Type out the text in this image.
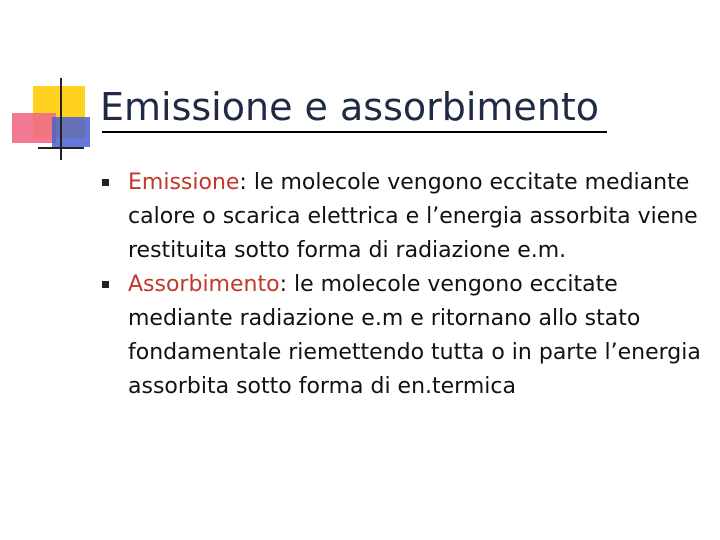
Emissione e assorbimento
Emissione: le molecole vengono eccitate mediante calore o scarica elettrica e l’energia assorbita viene restituita sotto forma di radiazione e.m.
Assorbimento: le molecole vengono eccitate mediante radiazione e.m e ritornano allo stato fondamentale riemettendo tutta o in parte l’energia assorbita sotto forma di en.termica
